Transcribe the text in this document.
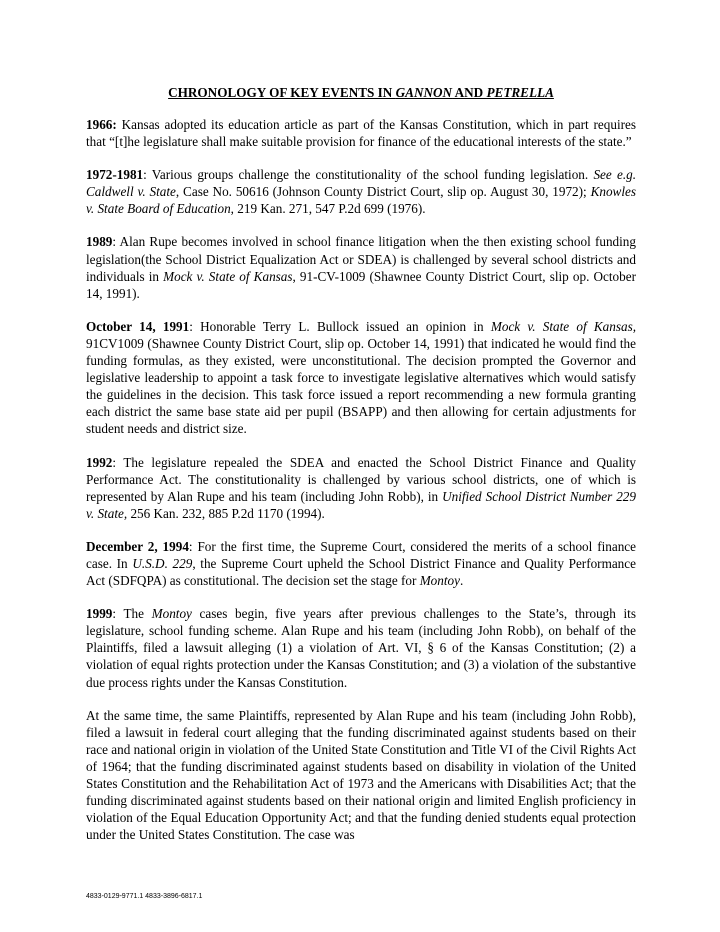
CHRONOLOGY OF KEY EVENTS IN GANNON AND PETRELLA

1966: Kansas adopted its education article as part of the Kansas Constitution, which in part requires that “[t]he legislature shall make suitable provision for finance of the educational interests of the state.”

1972-1981: Various groups challenge the constitutionality of the school funding legislation. See e.g. Caldwell v. State, Case No. 50616 (Johnson County District Court, slip op. August 30, 1972); Knowles v. State Board of Education, 219 Kan. 271, 547 P.2d 699 (1976).

1989: Alan Rupe becomes involved in school finance litigation when the then existing school funding legislation(the School District Equalization Act or SDEA) is challenged by several school districts and individuals in Mock v. State of Kansas, 91-CV-1009 (Shawnee County District Court, slip op. October 14, 1991).

October 14, 1991: Honorable Terry L. Bullock issued an opinion in Mock v. State of Kansas, 91CV1009 (Shawnee County District Court, slip op. October 14, 1991) that indicated he would find the funding formulas, as they existed, were unconstitutional. The decision prompted the Governor and legislative leadership to appoint a task force to investigate legislative alternatives which would satisfy the guidelines in the decision. This task force issued a report recommending a new formula granting each district the same base state aid per pupil (BSAPP) and then allowing for certain adjustments for student needs and district size.

1992: The legislature repealed the SDEA and enacted the School District Finance and Quality Performance Act. The constitutionality is challenged by various school districts, one of which is represented by Alan Rupe and his team (including John Robb), in Unified School District Number 229 v. State, 256 Kan. 232, 885 P.2d 1170 (1994).

December 2, 1994: For the first time, the Supreme Court, considered the merits of a school finance case. In U.S.D. 229, the Supreme Court upheld the School District Finance and Quality Performance Act (SDFQPA) as constitutional. The decision set the stage for Montoy.

1999: The Montoy cases begin, five years after previous challenges to the State’s, through its legislature, school funding scheme. Alan Rupe and his team (including John Robb), on behalf of the Plaintiffs, filed a lawsuit alleging (1) a violation of Art. VI, § 6 of the Kansas Constitution; (2) a violation of equal rights protection under the Kansas Constitution; and (3) a violation of the substantive due process rights under the Kansas Constitution.

At the same time, the same Plaintiffs, represented by Alan Rupe and his team (including John Robb), filed a lawsuit in federal court alleging that the funding discriminated against students based on their race and national origin in violation of the United State Constitution and Title VI of the Civil Rights Act of 1964; that the funding discriminated against students based on disability in violation of the United States Constitution and the Rehabilitation Act of 1973 and the Americans with Disabilities Act; that the funding discriminated against students based on their national origin and limited English proficiency in violation of the Equal Education Opportunity Act; and that the funding denied students equal protection under the United States Constitution. The case was

4833-0129-9771.1 4833-3896-6817.1
